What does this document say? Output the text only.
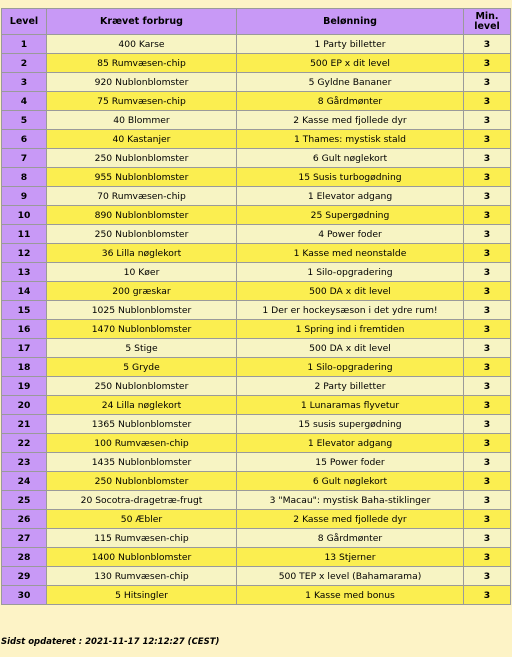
Level	Krævet forbrug	Belønning	Min.
level
1	400 Karse	1 Party billetter	3
2	85 Rumvæsen-chip	500 EP x dit level	3
3	920 Nublonblomster	5 Gyldne Bananer	3
4	75 Rumvæsen-chip	8 Gårdmønter	3
5	40 Blommer	2 Kasse med fjollede dyr	3
6	40 Kastanjer	1 Thames: mystisk stald	3
7	250 Nublonblomster	6 Gult nøglekort	3
8	955 Nublonblomster	15 Susis turbogødning	3
9	70 Rumvæsen-chip	1 Elevator adgang	3
10	890 Nublonblomster	25 Supergødning	3
11	250 Nublonblomster	4 Power foder	3
12	36 Lilla nøglekort	1 Kasse med neonstalde	3
13	10 Køer	1 Silo-opgradering	3
14	200 græskar	500 DA x dit level	3
15	1025 Nublonblomster	1 Der er hockeysæson i det ydre rum!	3
16	1470 Nublonblomster	1 Spring ind i fremtiden	3
17	5 Stige	500 DA x dit level	3
18	5 Gryde	1 Silo-opgradering	3
19	250 Nublonblomster	2 Party billetter	3
20	24 Lilla nøglekort	1 Lunaramas flyvetur	3
21	1365 Nublonblomster	15 susis supergødning	3
22	100 Rumvæsen-chip	1 Elevator adgang	3
23	1435 Nublonblomster	15 Power foder	3
24	250 Nublonblomster	6 Gult nøglekort	3
25	20 Socotra-dragetræ-frugt	3 "Macau": mystisk Baha-stiklinger	3
26	50 Æbler	2 Kasse med fjollede dyr	3
27	115 Rumvæsen-chip	8 Gårdmønter	3
28	1400 Nublonblomster	13 Stjerner	3
29	130 Rumvæsen-chip	500 TEP x level (Bahamarama)	3
30	5 Hitsingler	1 Kasse med bonus	3
Sidst opdateret : 2021-11-17 12:12:27 (CEST)
